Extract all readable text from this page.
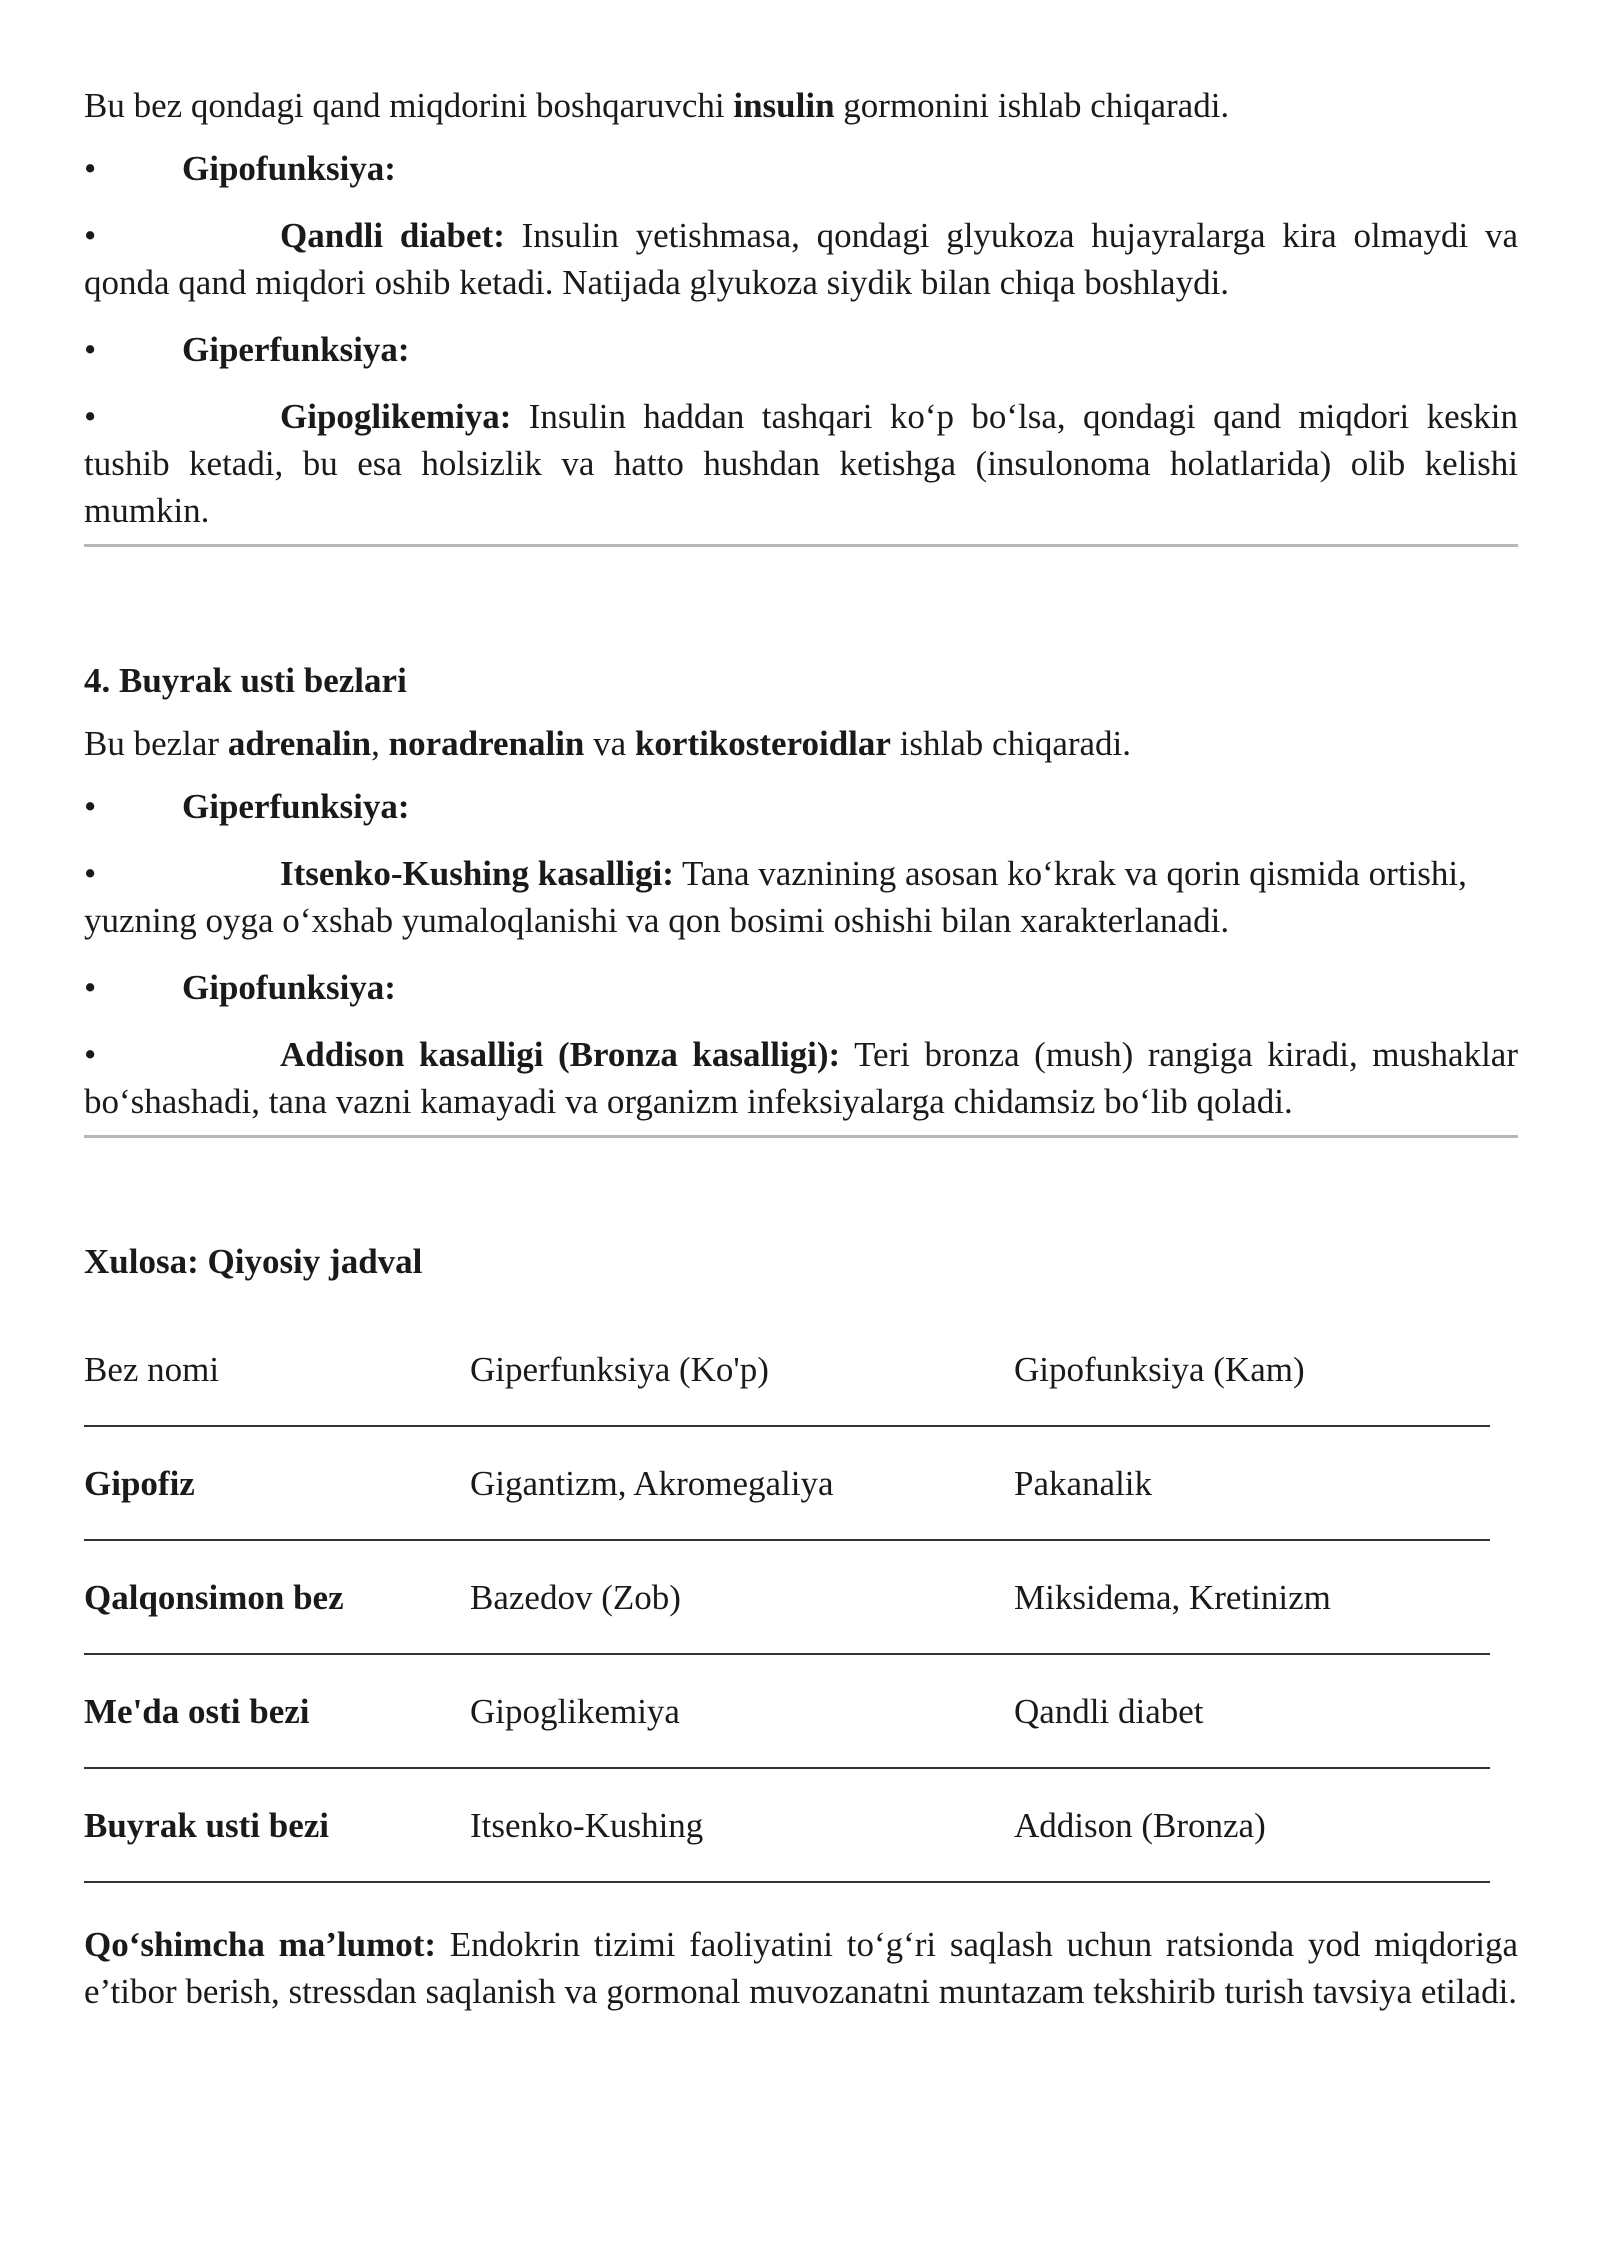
Bu bez qondagi qand miqdorini boshqaruvchi insulin gormonini ishlab chiqaradi.

• Gipofunksiya:

•	Qandli diabet: Insulin yetishmasa, qondagi glyukoza hujayralarga kira olmaydi va qonda qand miqdori oshib ketadi. Natijada glyukoza siydik bilan chiqa boshlaydi.

• Giperfunksiya:

•	Gipoglikemiya: Insulin haddan tashqari ko‘p bo‘lsa, qondagi qand miqdori keskin tushib ketadi, bu esa holsizlik va hatto hushdan ketishga (insulonoma holatlarida) olib kelishi mumkin.

4. Buyrak usti bezlari

Bu bezlar adrenalin, noradrenalin va kortikosteroidlar ishlab chiqaradi.

• Giperfunksiya:

•	Itsenko-Kushing kasalligi: Tana vaznining asosan ko‘krak va qorin qismida ortishi, yuzning oyga o‘xshab yumaloqlanishi va qon bosimi oshishi bilan xarakterlanadi.

• Gipofunksiya:

•	Addison kasalligi (Bronza kasalligi): Teri bronza (mush) rangiga kiradi, mushaklar bo‘shashadi, tana vazni kamayadi va organizm infeksiyalarga chidamsiz bo‘lib qoladi.

Xulosa: Qiyosiy jadval

Bez nomi	Giperfunksiya (Ko'p)	Gipofunksiya (Kam)
Gipofiz	Gigantizm, Akromegaliya	Pakanalik
Qalqonsimon bez	Bazedov (Zob)	Miksidema, Kretinizm
Me'da osti bezi	Gipoglikemiya	Qandli diabet
Buyrak usti bezi	Itsenko-Kushing	Addison (Bronza)

Qo‘shimcha ma’lumot: Endokrin tizimi faoliyatini to‘g‘ri saqlash uchun ratsionda yod miqdoriga e’tibor berish, stressdan saqlanish va gormonal muvozanatni muntazam tekshirib turish tavsiya etiladi.
